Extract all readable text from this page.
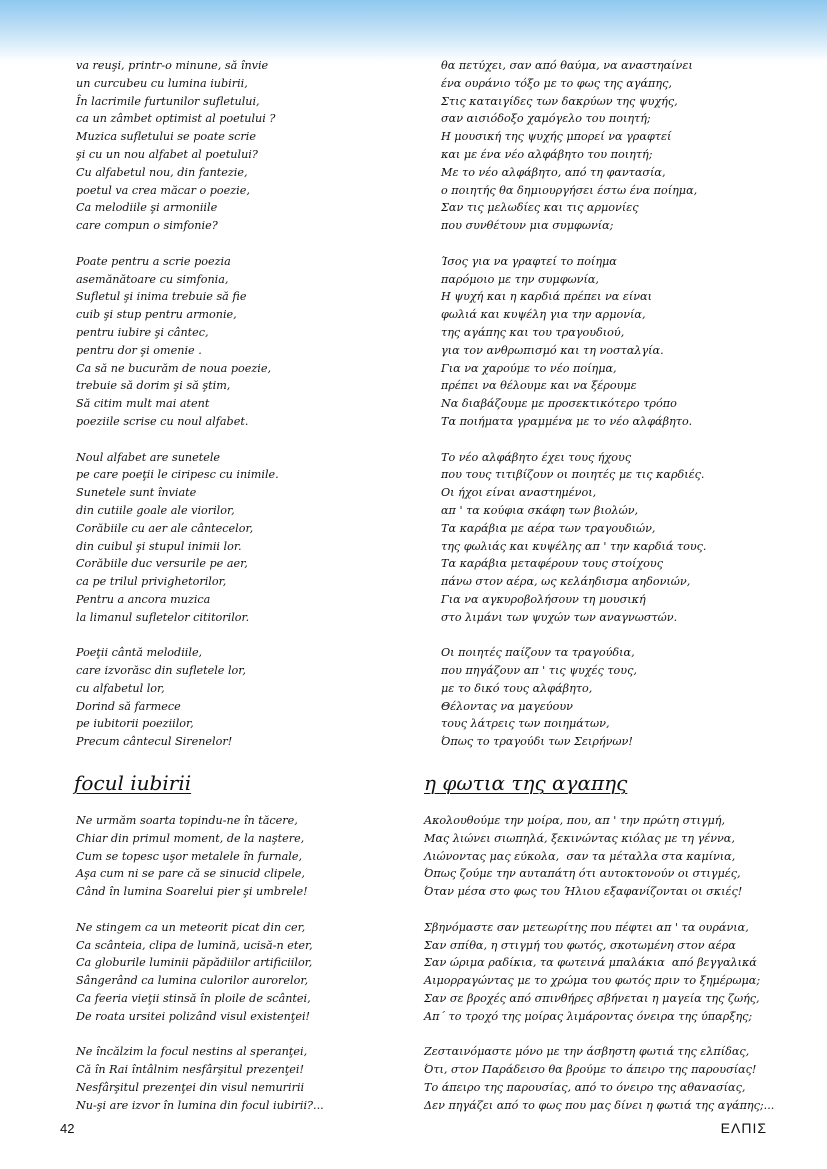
va reuşi, printr-o minune, să învie
un curcubeu cu lumina iubirii,
În lacrimile furtunilor sufletului,
ca un zâmbet optimist al poetului ?
Muzica sufletului se poate scrie
şi cu un nou alfabet al poetului?
Cu alfabetul nou, din fantezie,
poetul va crea măcar o poezie,
Ca melodiile şi armoniile
care compun o simfonie?
Poate pentru a scrie poezia
asemănătoare cu simfonia,
Sufletul şi inima trebuie să fie
cuib şi stup pentru armonie,
pentru iubire şi cântec,
pentru dor şi omenie .
Ca să ne bucurăm de noua poezie,
trebuie să dorim şi să ştim,
Să citim mult mai atent
poeziile scrise cu noul alfabet.
Noul alfabet are sunetele
pe care poeţii le ciripesc cu inimile.
Sunetele sunt înviate
din cutiile goale ale viorilor,
Corăbiile cu aer ale cântecelor,
din cuibul şi stupul inimii lor.
Corăbiile duc versurile pe aer,
ca pe trilul privighetorilor,
Pentru a ancora muzica
la limanul sufletelor cititorilor.
Poeţii cântă melodiile,
care izvorăsc din sufletele lor,
cu alfabetul lor,
Dorind să farmece
pe iubitorii poeziilor,
Precum cântecul Sirenelor!
θα πετύχει, σαν από θαύμα, να αναστηαίνει
ένα ουράνιο τόξο με το φως της αγάπης,
Στις καταιγίδες των δακρύων της ψυχής,
σαν αισιόδοξο χαμόγελο του ποιητή;
Η μουσική της ψυχής μπορεί να γραφτεί
και με ένα νέο αλφάβητο του ποιητή;
Με το νέο αλφάβητο, από τη φαντασία,
ο ποιητής θα δημιουργήσει έστω ένα ποίημα,
Σαν τις μελωδίες και τις αρμονίες
που συνθέτουν μια συμφωνία;
Ίσος για να γραφτεί το ποίημα
παρόμοιο με την συμφωνία,
Η ψυχή και η καρδιά πρέπει να είναι
φωλιά και κυψέλη για την αρμονία,
της αγάπης και του τραγουδιού,
για τον ανθρωπισμό και τη νοσταλγία.
Για να χαρούμε το νέο ποίημα,
πρέπει να θέλουμε και να ξέρουμε
Να διαβάζουμε με προσεκτικότερο τρόπο
Τα ποιήματα γραμμένα με το νέο αλφάβητο.
Το νέο αλφάβητο έχει τους ήχους
που τους τιτιβίζουν οι ποιητές με τις καρδιές.
Οι ήχοι είναι αναστημένοι,
απ ' τα κούφια σκάφη των βιολών,
Τα καράβια με αέρα των τραγουδιών,
της φωλιάς και κυψέλης απ ' την καρδιά τους.
Τα καράβια μεταφέρουν τους στοίχους
πάνω στον αέρα, ως κελάηδισμα αηδονιών,
Για να αγκυροβολήσουν τη μουσική
στο λιμάνι των ψυχών των αναγνωστών.
Οι ποιητές παίζουν τα τραγούδια,
που πηγάζουν απ ' τις ψυχές τους,
με το δικό τους αλφάβητο,
Θέλοντας να μαγεύουν
τους λάτρεις των ποιημάτων,
Όπως το τραγούδι των Σειρήνων!
focul iubirii	η φωτια της αγαπης
Ne urmăm soarta topindu-ne în tăcere,
Chiar din primul moment, de la naştere,
Cum se topesc uşor metalele în furnale,
Aşa cum ni se pare că se sinucid clipele,
Când în lumina Soarelui pier şi umbrele!
Ne stingem ca un meteorit picat din cer,
Ca scânteia, clipa de lumină, ucisă-n eter,
Ca globurile luminii păpădiilor artificiilor,
Sângerând ca lumina culorilor aurorelor,
Ca feeria vieţii stinsă în ploile de scântei,
De roata ursitei polizând visul existenţei!
Ne încălzim la focul nestins al speranţei,
Că în Rai întâlnim nesfârşitul prezenţei!
Nesfârşitul prezenţei din visul nemuririi
Nu-şi are izvor în lumina din focul iubirii?...
Ακολουθούμε την μοίρα, που, απ ' την πρώτη στιγμή,
Μας λιώνει σιωπηλά, ξεκινώντας κιόλας με τη γέννα,
Λιώνοντας μας εύκολα,  σαν τα μέταλλα στα καμίνια,
Όπως ζούμε την αυταπάτη ότι αυτοκτονούν οι στιγμές,
Όταν μέσα στο φως του Ήλιου εξαφανίζονται οι σκιές!
Σβηνόμαστε σαν μετεωρίτης που πέφτει απ ' τα ουράνια,
Σαν σπίθα, η στιγμή του φωτός, σκοτωμένη στον αέρα
Σαν ώριμα ραδίκια, τα φωτεινά μπαλάκια  από βεγγαλικά
Αιμορραγώντας με το χρώμα του φωτός πριν το ξημέρωμα;
Σαν σε βροχές από σπινθήρες σβήνεται η μαγεία της ζωής,
Απ΄ το τροχό της μοίρας λιμάροντας όνειρα της ύπαρξης;
Ζεσταινόμαστε μόνο με την άσβηστη φωτιά της ελπίδας,
Ότι, στον Παράδεισο θα βρούμε το άπειρο της παρουσίας!
Το άπειρο της παρουσίας, από το όνειρο της αθανασίας,
Δεν πηγάζει από το φως που μας δίνει η φωτιά της αγάπης;...
42	ΕΛΠΙΣ
